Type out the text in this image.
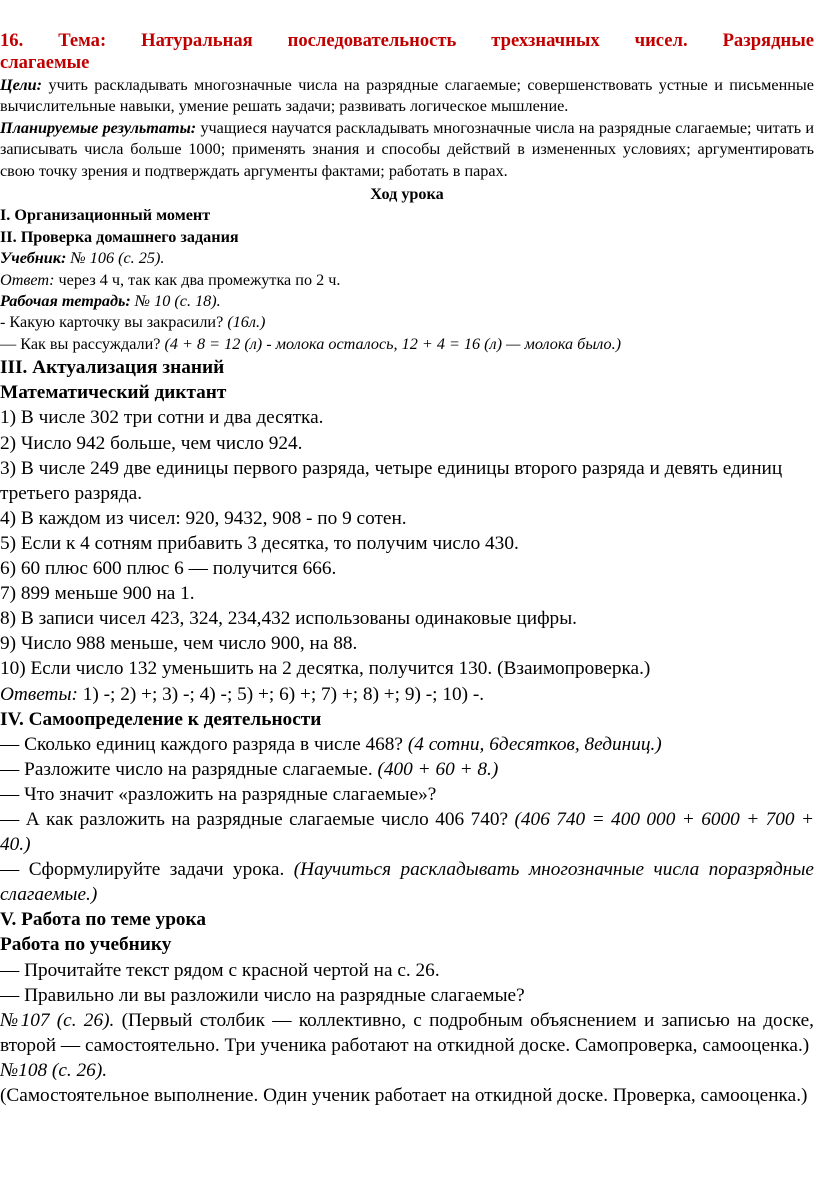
16. Тема: Натуральная последовательность трехзначных чисел. Разрядные
слагаемые

Цели: учить раскладывать многозначные числа на разрядные слагаемые; совершенствовать устные и письменные вычислительные навыки, умение решать задачи; развивать логическое мышление.

Планируемые результаты: учащиеся научатся раскладывать многозначные числа на разрядные слагаемые; читать и записывать числа больше 1000; применять знания и способы действий в измененных условиях; аргументировать свою точку зрения и подтверждать аргументы фактами; работать в парах.

Ход урока

I. Организационный момент

II. Проверка домашнего задания

Учебник: № 106 (с. 25).

Ответ: через 4 ч, так как два промежутка по 2 ч.

Рабочая тетрадь: № 10 (с. 18).

- Какую карточку вы закрасили? (16л.)

— Как вы рассуждали? (4 + 8 = 12 (л) - молока осталось, 12 + 4 = 16 (л) — молока было.)

III. Актуализация знаний

Математический диктант

1) В числе 302 три сотни и два десятка.

2) Число 942 больше, чем число 924.

3) В числе 249 две единицы первого разряда, четыре единицы второго разряда и девять единиц третьего разряда.

4) В каждом из чисел: 920, 9432, 908 - по 9 сотен.

5) Если к 4 сотням прибавить 3 десятка, то получим число 430.

6) 60 плюс 600 плюс 6 — получится 666.

7) 899 меньше 900 на 1.

8) В записи чисел 423, 324, 234,432 использованы одинаковые цифры.

9) Число 988 меньше, чем число 900, на 88.

10) Если число 132 уменьшить на 2 десятка, получится 130. (Взаимопроверка.)

Ответы: 1) -; 2) +; 3) -; 4) -; 5) +; 6) +; 7) +; 8) +; 9) -; 10) -.

IV. Самоопределение к деятельности

— Сколько единиц каждого разряда в числе 468? (4 сотни, 6десятков, 8единиц.)

— Разложите число на разрядные слагаемые. (400 + 60 + 8.)

— Что значит «разложить на разрядные слагаемые»?

— А как разложить на разрядные слагаемые число 406 740? (406 740 = 400 000 + 6000 + 700 + 40.)

— Сформулируйте задачи урока. (Научиться раскладывать многозначные числа поразрядные слагаемые.)

V. Работа по теме урока

Работа по учебнику

— Прочитайте текст рядом с красной чертой на с. 26.

— Правильно ли вы разложили число на разрядные слагаемые?

№107 (с. 26). (Первый столбик — коллективно, с подробным объяснением и записью на доске, второй — самостоятельно. Три ученика работают на откидной доске. Самопроверка, самооценка.)

№108 (с. 26).

(Самостоятельное выполнение. Один ученик работает на откидной доске. Проверка, самооценка.)
